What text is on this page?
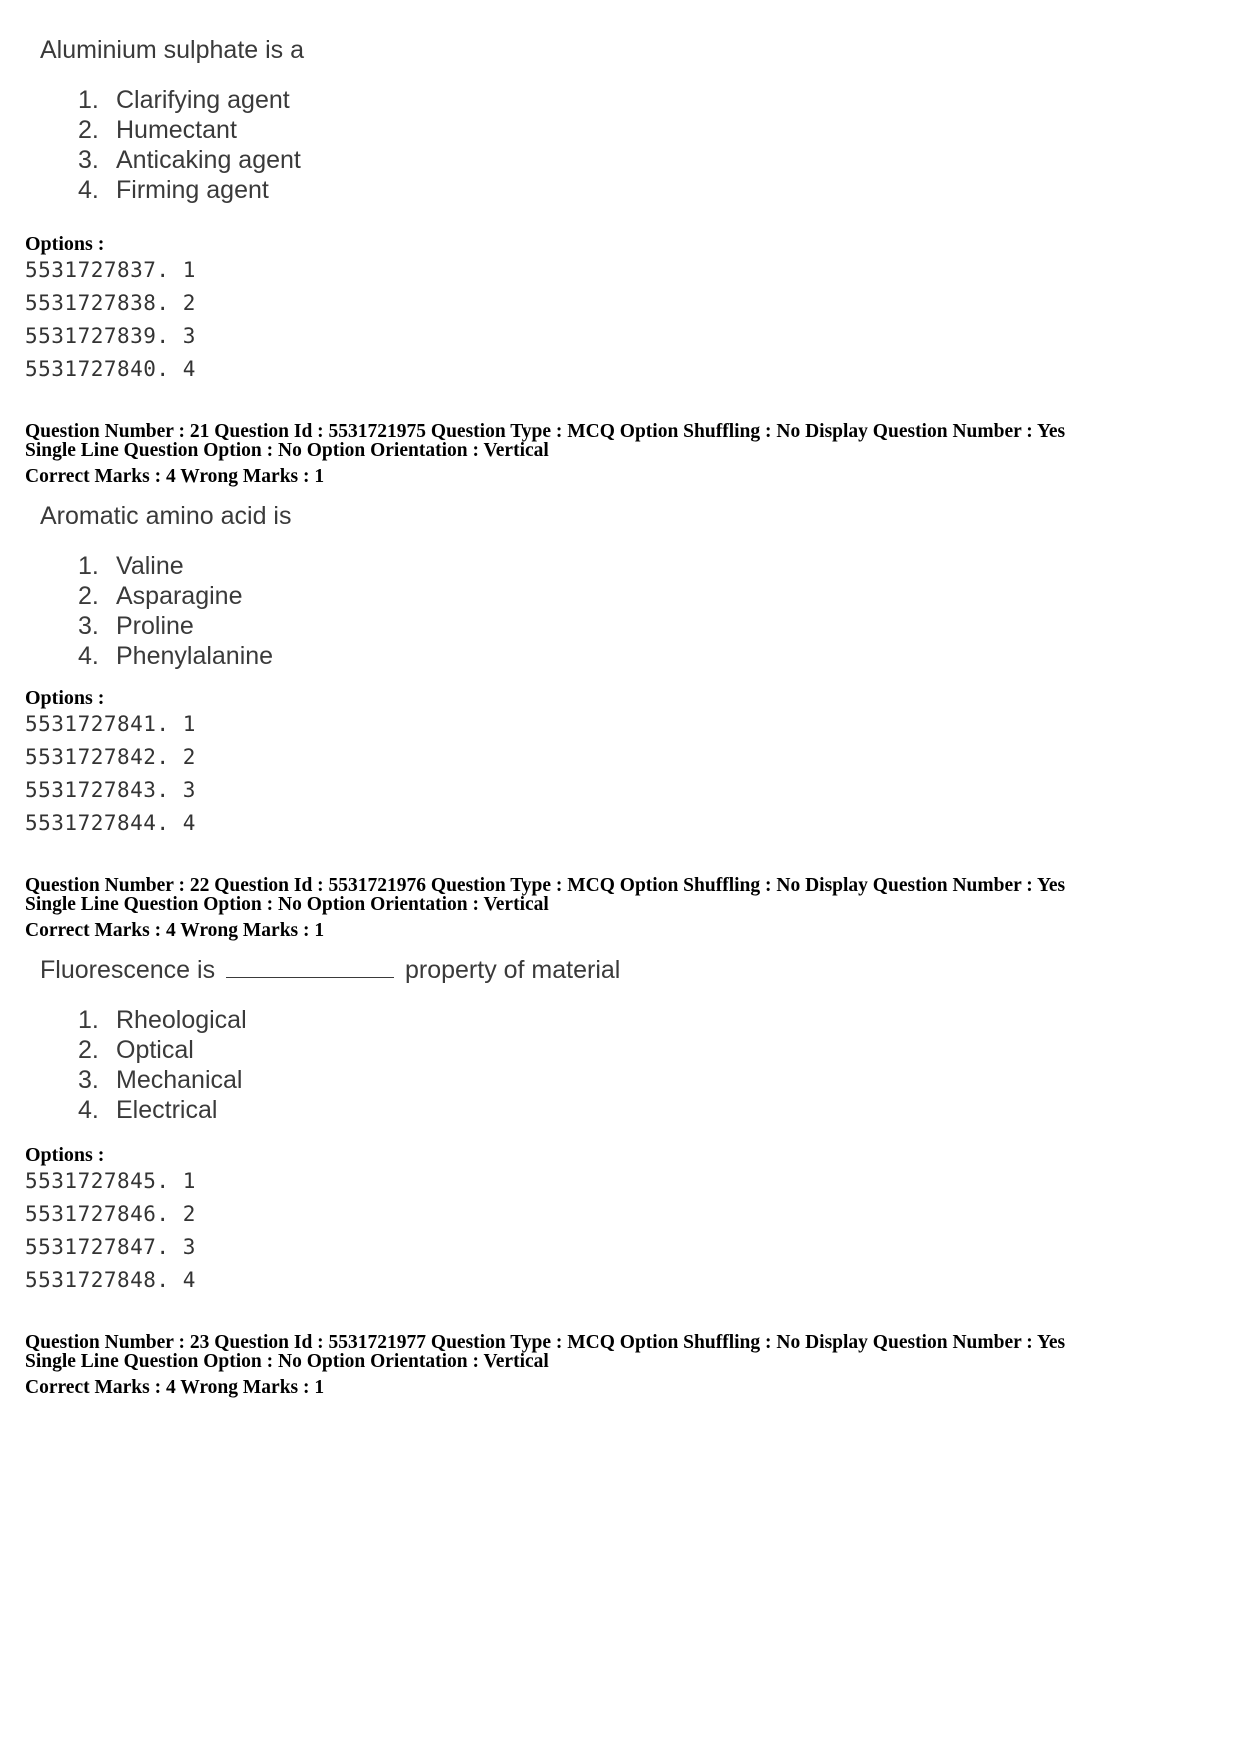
Aluminium sulphate is a
1. Clarifying agent
2. Humectant
3. Anticaking agent
4. Firming agent
Options :
5531727837. 1
5531727838. 2
5531727839. 3
5531727840. 4
Question Number : 21 Question Id : 5531721975 Question Type : MCQ Option Shuffling : No Display Question Number : Yes
Single Line Question Option : No Option Orientation : Vertical
Correct Marks : 4 Wrong Marks : 1
Aromatic amino acid is
1. Valine
2. Asparagine
3. Proline
4. Phenylalanine
Options :
5531727841. 1
5531727842. 2
5531727843. 3
5531727844. 4
Question Number : 22 Question Id : 5531721976 Question Type : MCQ Option Shuffling : No Display Question Number : Yes
Single Line Question Option : No Option Orientation : Vertical
Correct Marks : 4 Wrong Marks : 1
Fluorescence is	property of material
1. Rheological
2. Optical
3. Mechanical
4. Electrical
Options :
5531727845. 1
5531727846. 2
5531727847. 3
5531727848. 4
Question Number : 23 Question Id : 5531721977 Question Type : MCQ Option Shuffling : No Display Question Number : Yes
Single Line Question Option : No Option Orientation : Vertical
Correct Marks : 4 Wrong Marks : 1
